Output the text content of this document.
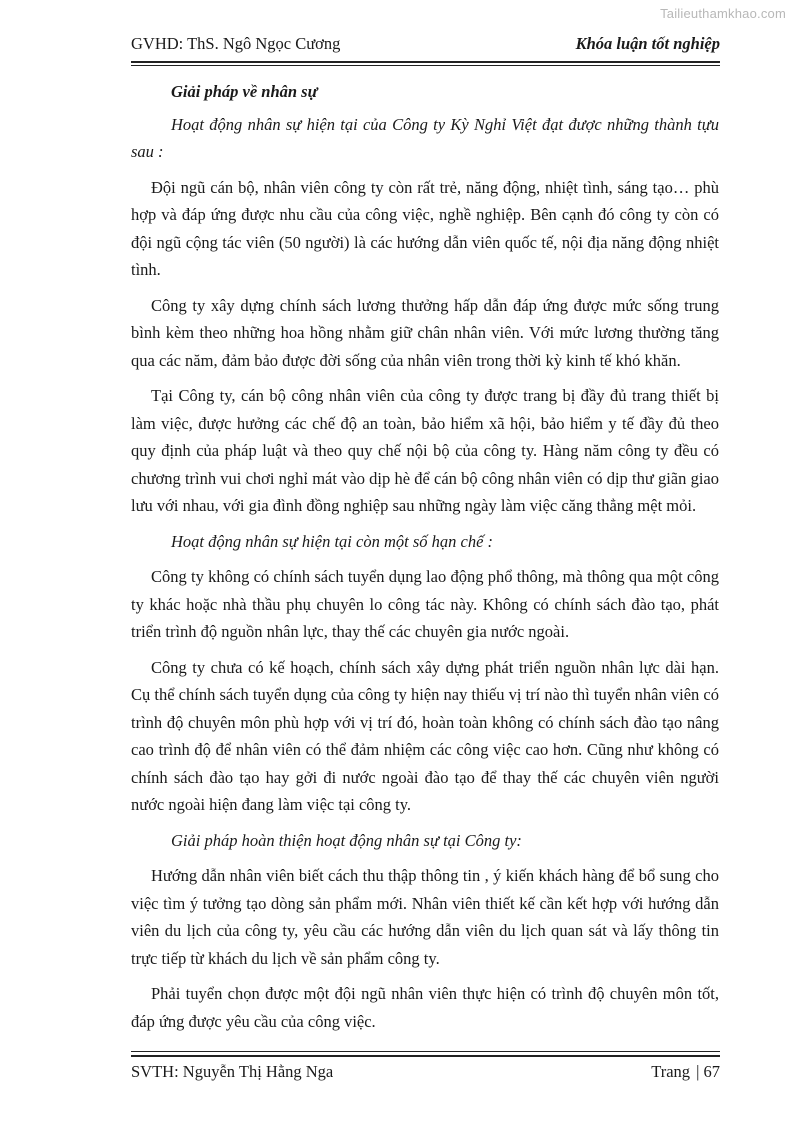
Tailieuthamkhao.com
GVHD: ThS. Ngô Ngọc Cương	Khóa luận tốt nghiệp

Giải pháp về nhân sự

Hoạt động nhân sự hiện tại của Công ty Kỳ Nghỉ Việt đạt được những thành tựu sau :

Đội ngũ cán bộ, nhân viên công ty còn rất trẻ, năng động, nhiệt tình, sáng tạo… phù hợp và đáp ứng được nhu cầu của công việc, nghề nghiệp. Bên cạnh đó công ty còn có đội ngũ cộng tác viên (50 người) là các hướng dẫn viên quốc tế, nội địa năng động nhiệt tình.

Công ty xây dựng chính sách lương thưởng hấp dẫn đáp ứng được mức sống trung bình kèm theo những hoa hồng nhằm giữ chân nhân viên. Với mức lương thường tăng qua các năm, đảm bảo được đời sống của nhân viên trong thời kỳ kinh tế khó khăn.

Tại Công ty, cán bộ công nhân viên của công ty được trang bị đầy đủ trang thiết bị làm việc, được hưởng các chế độ an toàn, bảo hiểm xã hội, bảo hiểm y tế đầy đủ theo quy định của pháp luật và theo quy chế nội bộ của công ty. Hàng năm công ty đều có chương trình vui chơi nghỉ mát vào dịp hè để cán bộ công nhân viên có dịp thư giãn giao lưu với nhau, với gia đình đồng nghiệp sau những ngày làm việc căng thẳng mệt mỏi.

Hoạt động nhân sự hiện tại còn một số hạn chế :

Công ty không có chính sách tuyển dụng lao động phổ thông, mà thông qua một công ty khác hoặc nhà thầu phụ chuyên lo công tác này. Không có chính sách đào tạo, phát triển trình độ nguồn nhân lực, thay thế các chuyên gia nước ngoài.

Công ty chưa có kế hoạch, chính sách xây dựng phát triển nguồn nhân lực dài hạn. Cụ thể chính sách tuyển dụng của công ty hiện nay thiếu vị trí nào thì tuyển nhân viên có trình độ chuyên môn phù hợp với vị trí đó, hoàn toàn không có chính sách đào tạo nâng cao trình độ để nhân viên có thể đảm nhiệm các công việc cao hơn. Cũng như không có chính sách đào tạo hay gởi đi nước ngoài đào tạo để thay thế các chuyên viên người nước ngoài hiện đang làm việc tại công ty.

Giải pháp hoàn thiện hoạt động nhân sự tại Công ty:

Hướng dẫn nhân viên biết cách thu thập thông tin , ý kiến khách hàng để bổ sung cho việc tìm ý tưởng tạo dòng sản phẩm mới. Nhân viên thiết kế cần kết hợp với hướng dẫn viên du lịch của công ty, yêu cầu các hướng dẫn viên du lịch quan sát và lấy thông tin trực tiếp từ khách du lịch về sản phẩm công ty.

Phải tuyển chọn được một đội ngũ nhân viên thực hiện có trình độ chuyên môn tốt, đáp ứng được yêu cầu của công việc.

SVTH: Nguyễn Thị Hằng Nga	Trang | 67
